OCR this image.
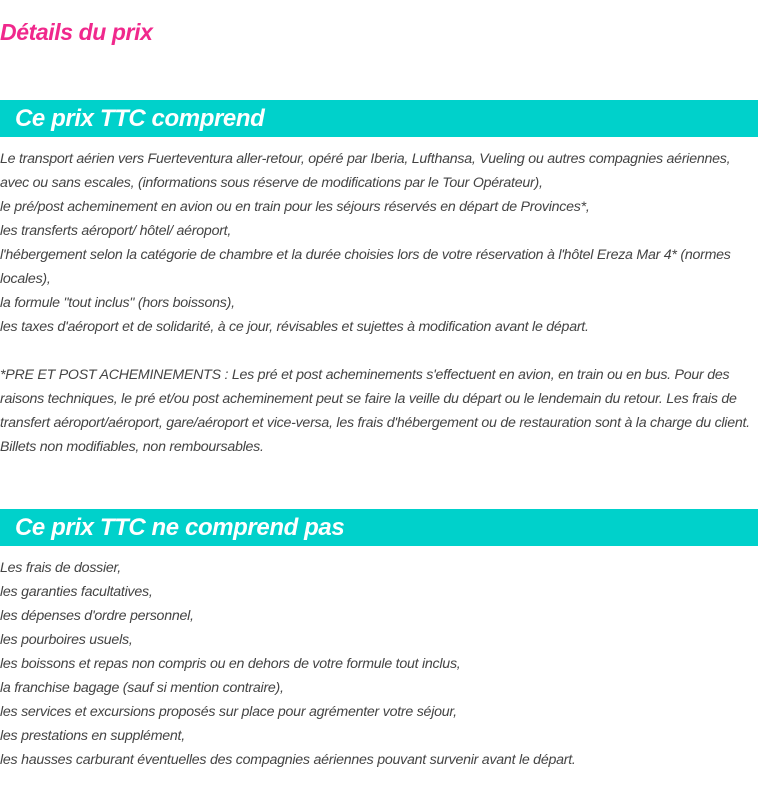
Détails du prix
Ce prix TTC comprend
Le transport aérien vers Fuerteventura aller-retour, opéré par Iberia, Lufthansa, Vueling ou autres compagnies aériennes, avec ou sans escales, (informations sous réserve de modifications par le Tour Opérateur),
le pré/post acheminement en avion ou en train pour les séjours réservés en départ de Provinces*,
les transferts aéroport/ hôtel/ aéroport,
l'hébergement selon la catégorie de chambre et la durée choisies lors de votre réservation à l'hôtel Ereza Mar 4* (normes locales),
la formule "tout inclus" (hors boissons),
les taxes d'aéroport et de solidarité, à ce jour, révisables et sujettes à modification avant le départ.
*PRE ET POST ACHEMINEMENTS : Les pré et post acheminements s'effectuent en avion, en train ou en bus. Pour des raisons techniques, le pré et/ou post acheminement peut se faire la veille du départ ou le lendemain du retour. Les frais de transfert aéroport/aéroport, gare/aéroport et vice-versa, les frais d'hébergement ou de restauration sont à la charge du client. Billets non modifiables, non remboursables.
Ce prix TTC ne comprend pas
Les frais de dossier,
les garanties facultatives,
les dépenses d'ordre personnel,
les pourboires usuels,
les boissons et repas non compris ou en dehors de votre formule tout inclus,
la franchise bagage (sauf si mention contraire),
les services et excursions proposés sur place pour agrémenter votre séjour,
les prestations en supplément,
les hausses carburant éventuelles des compagnies aériennes pouvant survenir avant le départ.
